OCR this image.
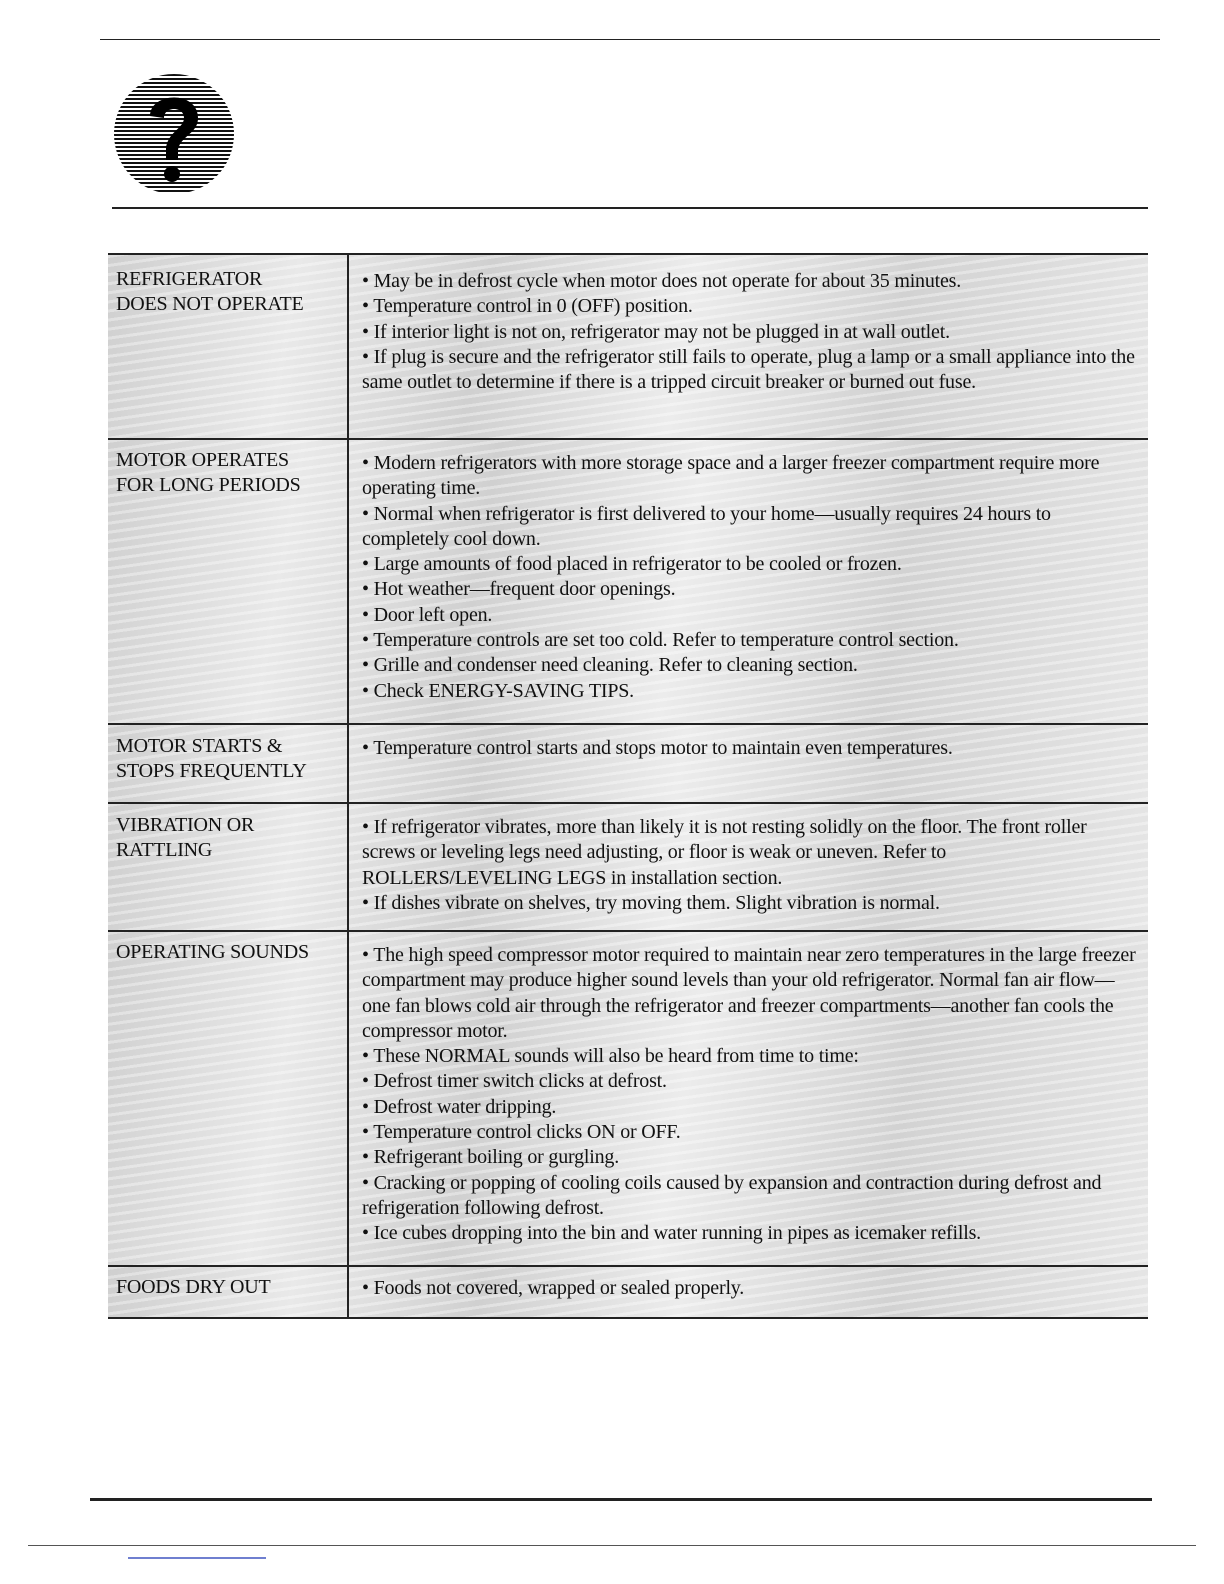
REFRIGERATOR
DOES NOT OPERATE

• May be in defrost cycle when motor does not operate for about 35 minutes.

• Temperature control in 0 (OFF) position.

• If interior light is not on, refrigerator may not be plugged in at wall outlet.

• If plug is secure and the refrigerator still fails to operate, plug a lamp or a small appliance into the same outlet to determine if there is a tripped circuit breaker or burned out fuse.

MOTOR OPERATES
FOR LONG PERIODS

• Modern refrigerators with more storage space and a larger freezer compartment require more operating time.

• Normal when refrigerator is first delivered to your home—usually requires 24 hours to completely cool down.

• Large amounts of food placed in refrigerator to be cooled or frozen.

• Hot weather—frequent door openings.

• Door left open.

• Temperature controls are set too cold. Refer to temperature control section.

• Grille and condenser need cleaning. Refer to cleaning section.

• Check ENERGY-SAVING TIPS.

MOTOR STARTS &
STOPS FREQUENTLY

• Temperature control starts and stops motor to maintain even temperatures.

VIBRATION OR
RATTLING

• If refrigerator vibrates, more than likely it is not resting solidly on the floor. The front roller screws or leveling legs need adjusting, or floor is weak or uneven. Refer to ROLLERS/LEVELING LEGS in installation section.

• If dishes vibrate on shelves, try moving them. Slight vibration is normal.

OPERATING SOUNDS	• The high speed compressor motor required to maintain near zero temperatures in the large freezer compartment may produce higher sound levels than your old refrigerator. Normal fan air flow—one fan blows cold air through the refrigerator and freezer compartments—another fan cools the compressor motor.

• These NORMAL sounds will also be heard from time to time:

• Defrost timer switch clicks at defrost.

• Defrost water dripping.

• Temperature control clicks ON or OFF.

• Refrigerant boiling or gurgling.

• Cracking or popping of cooling coils caused by expansion and contraction during defrost and refrigeration following defrost.

• Ice cubes dropping into the bin and water running in pipes as icemaker refills.

FOODS DRY OUT	• Foods not covered, wrapped or sealed properly.
